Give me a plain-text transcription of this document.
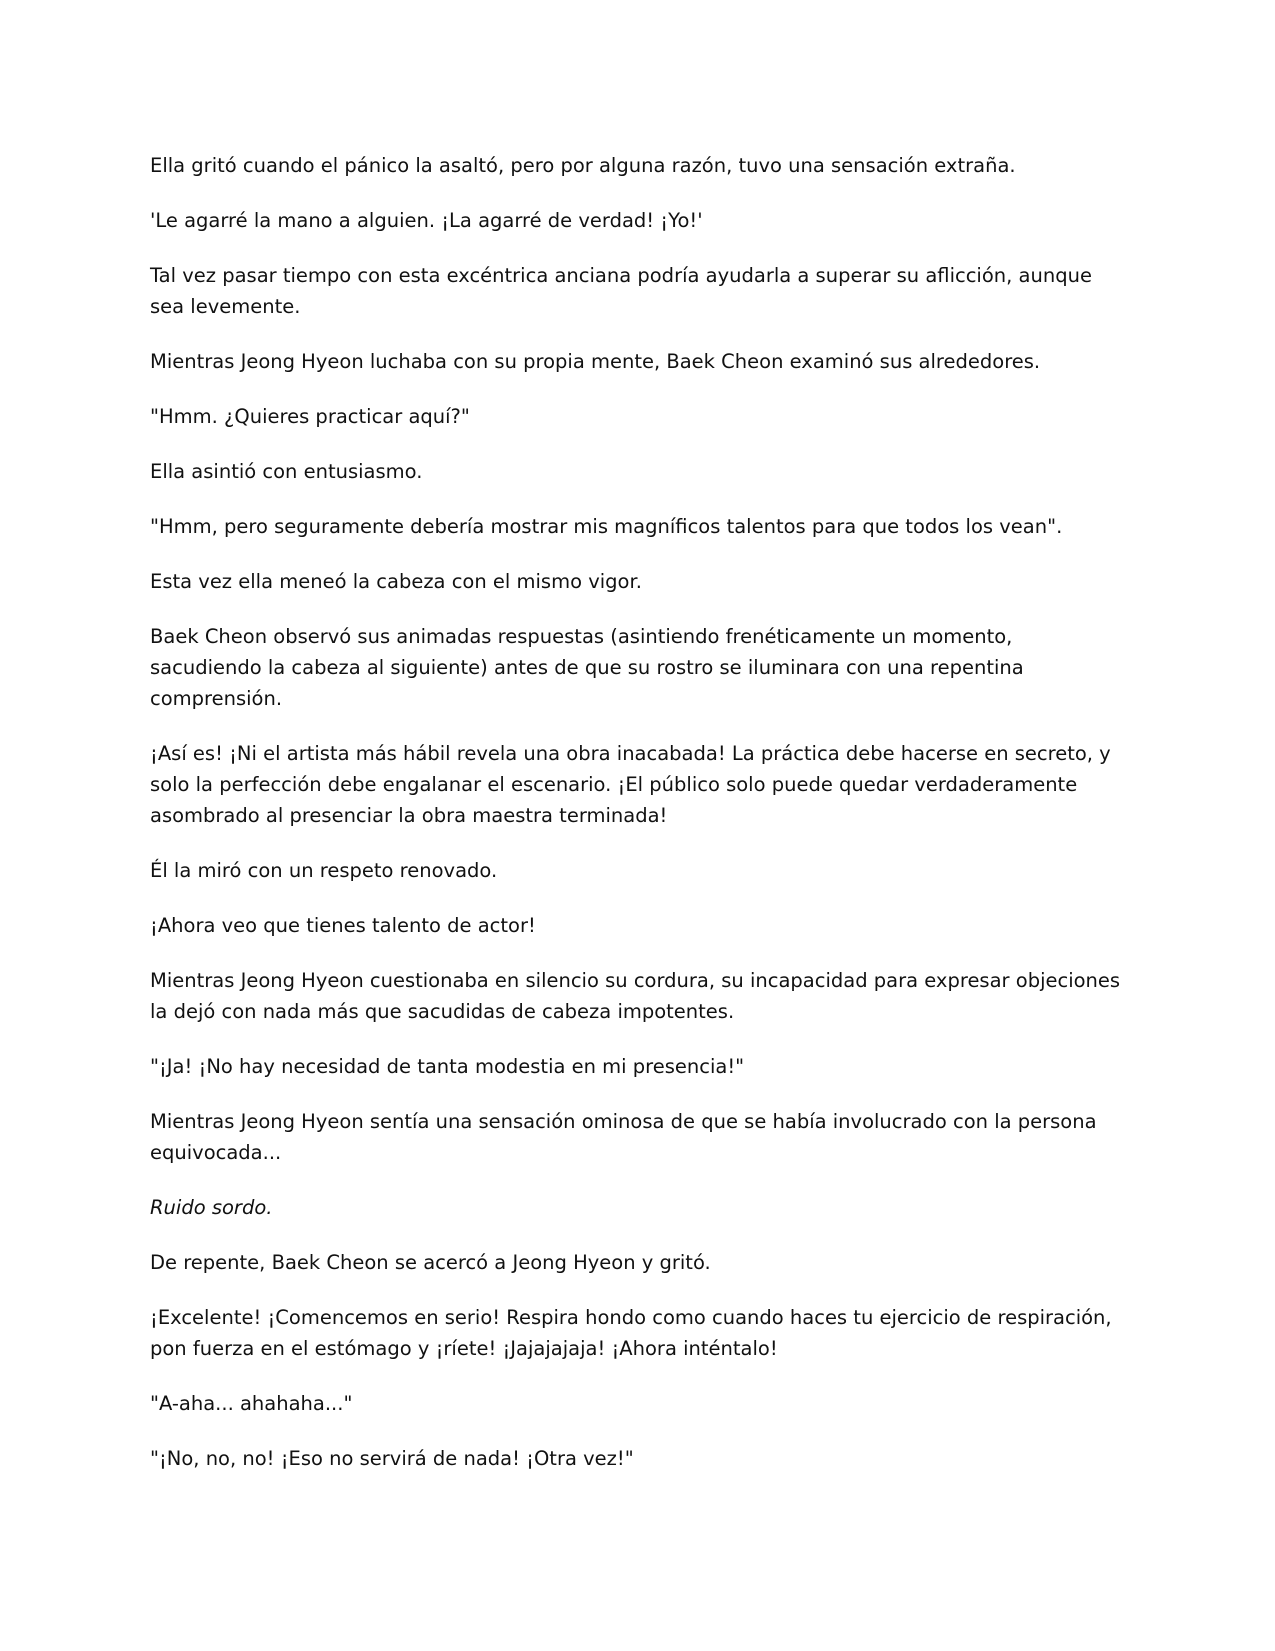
Ella gritó cuando el pánico la asaltó, pero por alguna razón, tuvo una sensación extraña.

'Le agarré la mano a alguien. ¡La agarré de verdad! ¡Yo!'

Tal vez pasar tiempo con esta excéntrica anciana podría ayudarla a superar su aflicción, aunque sea levemente.

Mientras Jeong Hyeon luchaba con su propia mente, Baek Cheon examinó sus alrededores.

"Hmm. ¿Quieres practicar aquí?"

Ella asintió con entusiasmo.

"Hmm, pero seguramente debería mostrar mis magníficos talentos para que todos los vean".

Esta vez ella meneó la cabeza con el mismo vigor.

Baek Cheon observó sus animadas respuestas (asintiendo frenéticamente un momento, sacudiendo la cabeza al siguiente) antes de que su rostro se iluminara con una repentina comprensión.

¡Así es! ¡Ni el artista más hábil revela una obra inacabada! La práctica debe hacerse en secreto, y solo la perfección debe engalanar el escenario. ¡El público solo puede quedar verdaderamente asombrado al presenciar la obra maestra terminada!

Él la miró con un respeto renovado.

¡Ahora veo que tienes talento de actor!

Mientras Jeong Hyeon cuestionaba en silencio su cordura, su incapacidad para expresar objeciones la dejó con nada más que sacudidas de cabeza impotentes.

"¡Ja! ¡No hay necesidad de tanta modestia en mi presencia!"

Mientras Jeong Hyeon sentía una sensación ominosa de que se había involucrado con la persona equivocada...

Ruido sordo.

De repente, Baek Cheon se acercó a Jeong Hyeon y gritó.

¡Excelente! ¡Comencemos en serio! Respira hondo como cuando haces tu ejercicio de respiración, pon fuerza en el estómago y ¡ríete! ¡Jajajajaja! ¡Ahora inténtalo!

"A-aha... ahahaha..."

"¡No, no, no! ¡Eso no servirá de nada! ¡Otra vez!"
